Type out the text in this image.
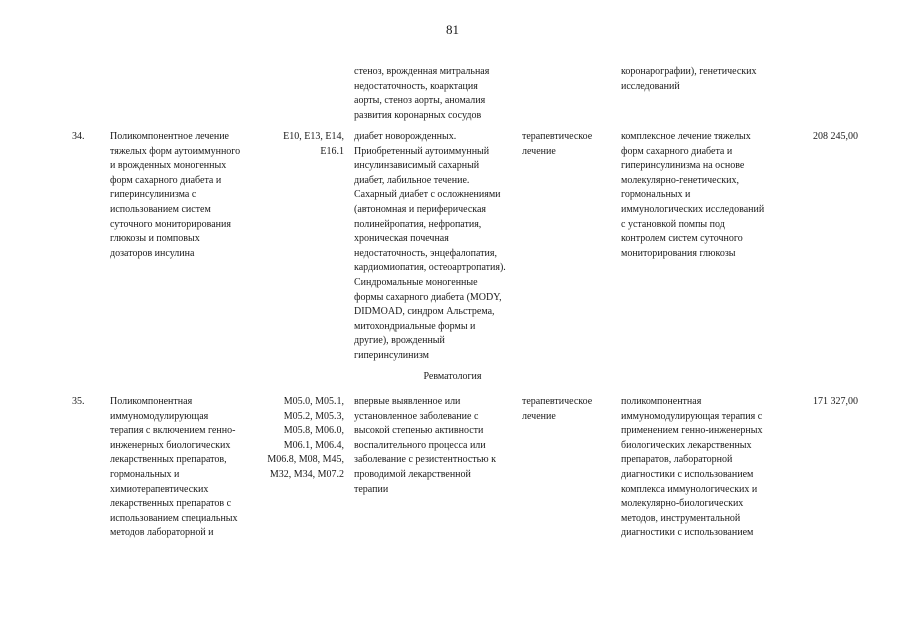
81
стеноз, врожденная митральная
недостаточность, коарктация
аорты, стеноз аорты, аномалия
развития коронарных сосудов
коронарографии), генетических
исследований
34.	Поликомпонентное лечение
тяжелых форм аутоиммунного
и врожденных моногенных
форм сахарного диабета и
гиперинсулинизма с
использованием систем
суточного мониторирования
глюкозы и помповых
дозаторов инсулина
E10, E13, E14,
E16.1
диабет новорожденных.
Приобретенный аутоиммунный
инсулинзависимый сахарный
диабет, лабильное течение.
Сахарный диабет с осложнениями
(автономная и периферическая
полинейропатия, нефропатия,
хроническая почечная
недостаточность, энцефалопатия,
кардиомиопатия, остеоартропатия).
Синдромальные моногенные
формы сахарного диабета (MODY,
DIDMOAD, синдром Альстрема,
митохондриальные формы и
другие), врожденный
гиперинсулинизм
терапевтическое
лечение
комплексное лечение тяжелых
форм сахарного диабета и
гиперинсулинизма на основе
молекулярно-генетических,
гормональных и
иммунологических исследований
с установкой помпы под
контролем систем суточного
мониторирования глюкозы
208 245,00
Ревматология
35.	Поликомпонентная
иммуномодулирующая
терапия с включением генно-
инженерных биологических
лекарственных препаратов,
гормональных и
химиотерапевтических
лекарственных препаратов с
использованием специальных
методов лабораторной и
M05.0, M05.1,
M05.2, M05.3,
M05.8, M06.0,
M06.1, M06.4,
M06.8, M08, M45,
M32, M34, M07.2
впервые выявленное или
установленное заболевание с
высокой степенью активности
воспалительного процесса или
заболевание с резистентностью к
проводимой лекарственной
терапии
терапевтическое
лечение
поликомпонентная
иммуномодулирующая терапия с
применением генно-инженерных
биологических лекарственных
препаратов, лабораторной
диагностики с использованием
комплекса иммунологических и
молекулярно-биологических
методов, инструментальной
диагностики с использованием
171 327,00
